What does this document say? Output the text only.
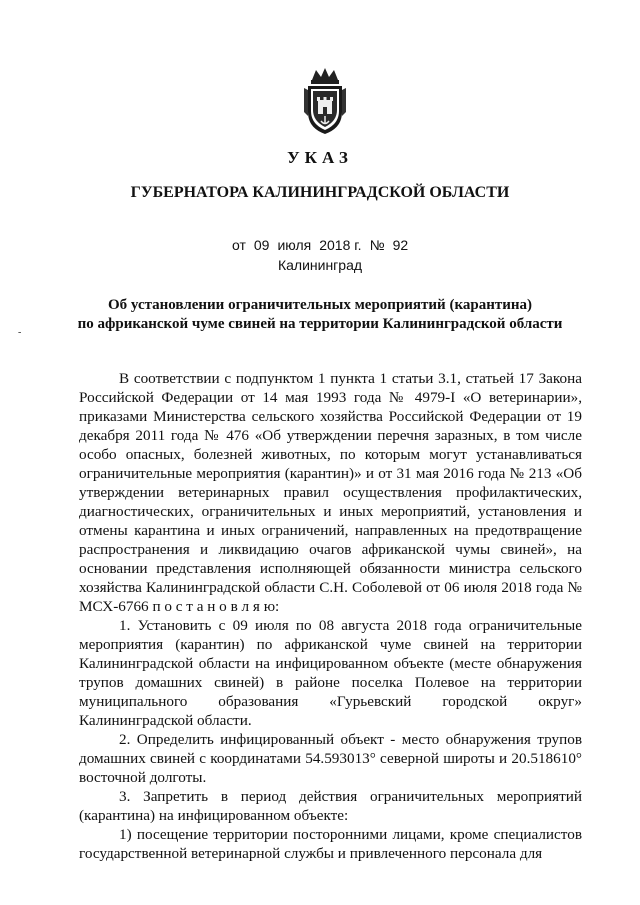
УКАЗ
ГУБЕРНАТОРА КАЛИНИНГРАДСКОЙ ОБЛАСТИ
от 09 июля 2018 г. № 92
Калининград
-
Об установлении ограничительных мероприятий (карантина)
по африканской чуме свиней на территории Калининградской области

В соответствии с подпунктом 1 пункта 1 статьи 3.1, статьей 17 Закона Российской Федерации от 14 мая 1993 года № 4979-I «О ветеринарии», приказами Министерства сельского хозяйства Российской Федерации от 19 декабря 2011 года № 476 «Об утверждении перечня заразных, в том числе особо опасных, болезней животных, по которым могут устанавливаться ограничительные мероприятия (карантин)» и от 31 мая 2016 года № 213 «Об утверждении ветеринарных правил осуществления профилактических, диагностических, ограничительных и иных мероприятий, установления и отмены карантина и иных ограничений, направленных на предотвращение распространения и ликвидацию очагов африканской чумы свиней», на основании представления исполняющей обязанности министра сельского хозяйства Калининградской области С.Н. Соболевой от 06 июля 2018 года № МСХ-6766 п о с т а н о в л я ю:

1. Установить с 09 июля по 08 августа 2018 года ограничительные мероприятия (карантин) по африканской чуме свиней на территории Калининградской области на инфицированном объекте (месте обнаружения трупов домашних свиней) в районе поселка Полевое на территории муниципального образования «Гурьевский городской округ» Калининградской области.

2. Определить инфицированный объект - место обнаружения трупов домашних свиней с координатами 54.593013° северной широты и 20.518610° восточной долготы.

3. Запретить в период действия ограничительных мероприятий (карантина) на инфицированном объекте:

1) посещение территории посторонними лицами, кроме специалистов государственной ветеринарной службы и привлеченного персонала для
